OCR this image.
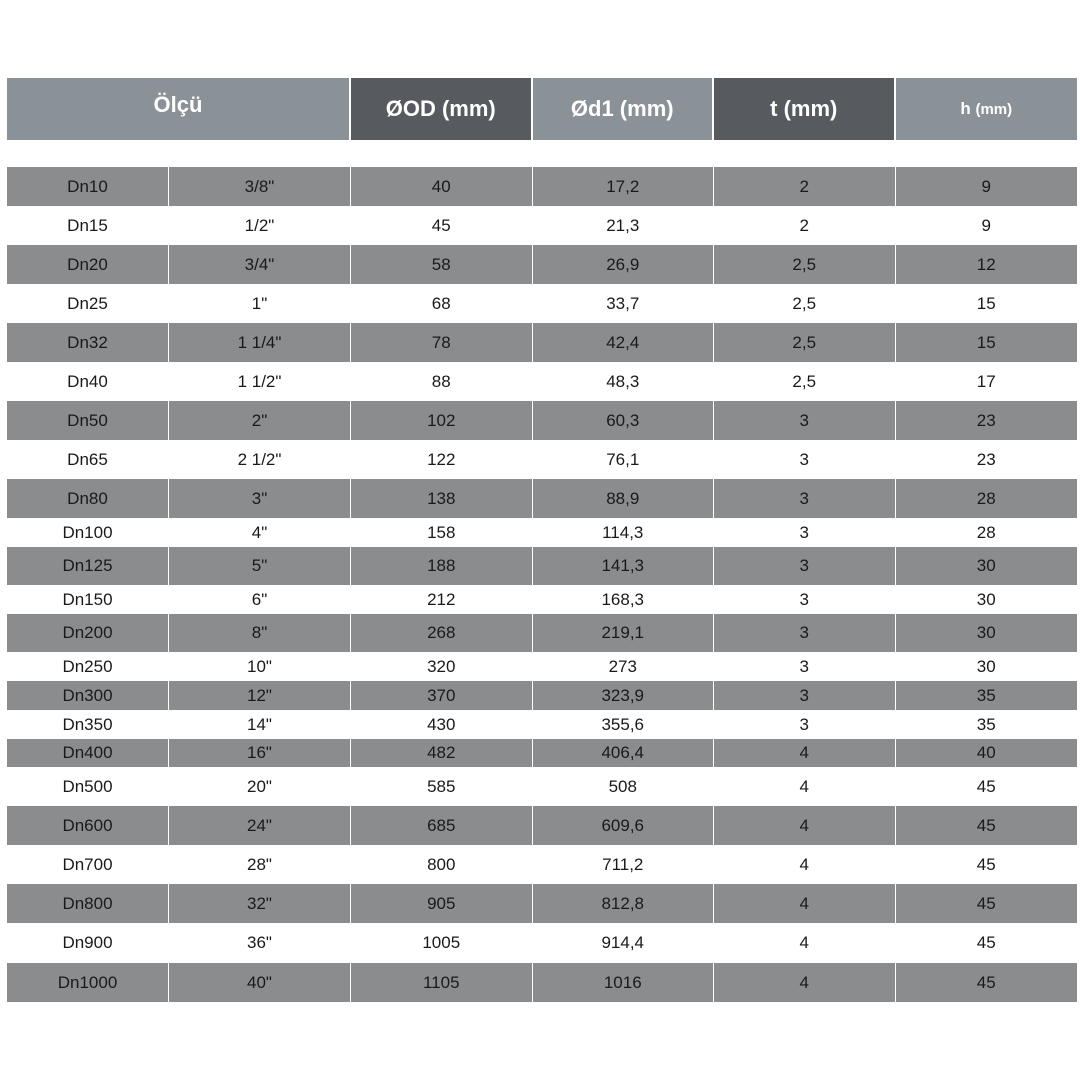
Ölçü	ØOD (mm)	Ød1 (mm)	t (mm)	h
(mm)
Dn10	3/8"	40	17,2	2	9
Dn15	1/2"	45	21,3	2	9
Dn20	3/4"	58	26,9	2,5	12
Dn25	1"	68	33,7	2,5	15
Dn32	1 1/4"	78	42,4	2,5	15
Dn40	1 1/2"	88	48,3	2,5	17
Dn50	2"	102	60,3	3	23
Dn65	2 1/2"	122	76,1	3	23
Dn80	3"	138	88,9	3	28
Dn100	4"	158	114,3	3	28
Dn125	5"	188	141,3	3	30
Dn150	6"	212	168,3	3	30
Dn200	8"	268	219,1	3	30
Dn250	10"	320	273	3	30
Dn300	12"	370	323,9	3	35
Dn350	14"	430	355,6	3	35
Dn400	16"	482	406,4	4	40
Dn500	20"	585	508	4	45
Dn600	24"	685	609,6	4	45
Dn700	28"	800	711,2	4	45
Dn800	32"	905	812,8	4	45
Dn900	36"	1005	914,4	4	45
Dn1000	40"	1105	1016	4	45
